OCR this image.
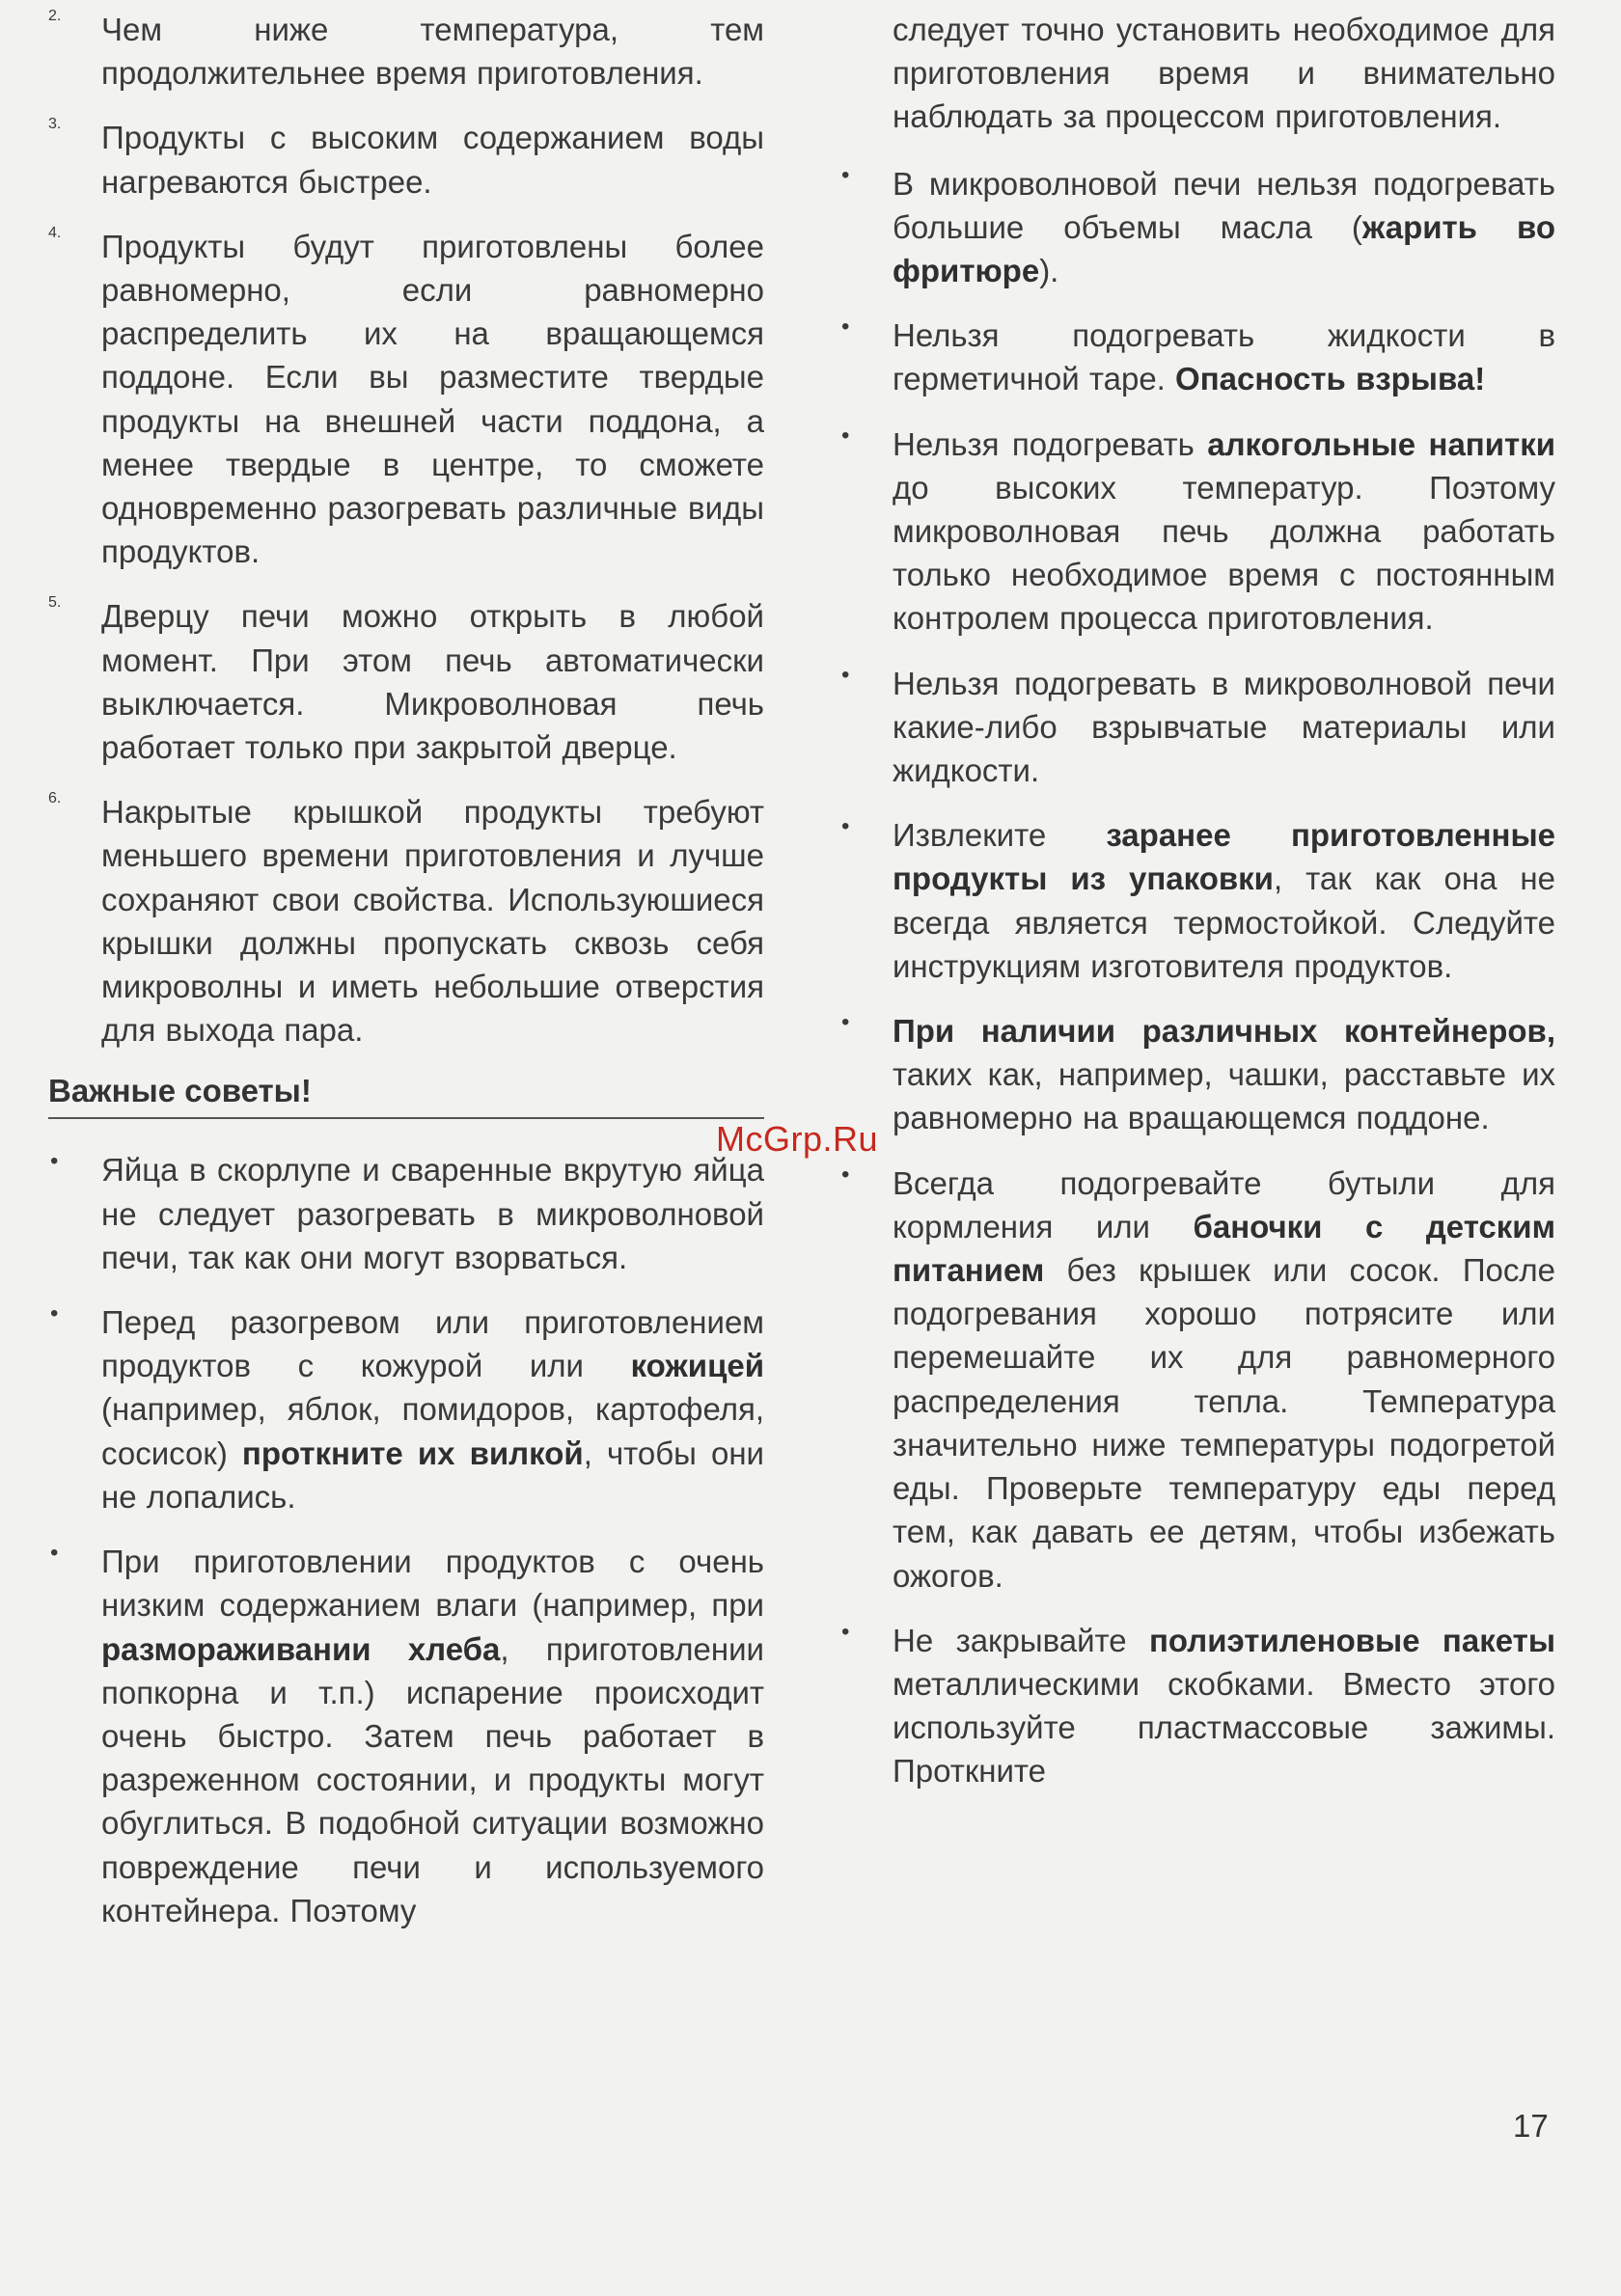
2. Чем ниже температура, тем продолжительнее время приготовления.

3. Продукты с высоким содержанием воды нагреваются быстрее.

4. Продукты будут приготовлены более равномерно, если равномерно распределить их на вращающемся поддоне. Если вы разместите твердые продукты на внешней части поддона, а менее твердые в центре, то сможете одновременно разогревать различные виды продуктов.

5. Дверцу печи можно открыть в любой момент. При этом печь автоматически выключается. Микроволновая печь работает только при закрытой дверце.

6. Накрытые крышкой продукты требуют меньшего времени приготовления и лучше сохраняют свои свойства. Используюшиеся крышки должны пропускать сквозь себя микроволны и иметь небольшие отверстия для выхода пара.

Важные советы!
• Яйца в скорлупе и сваренные вкрутую яйца не следует разогревать в микроволновой печи, так как они могут взорваться.

• Перед разогревом или приготовлением продуктов с кожурой или кожицей (например, яблок, помидоров, картофеля, сосисок) проткните их вилкой, чтобы они не лопались.

• При приготовлении продуктов с очень низким содержанием влаги (например, при размораживании хлеба, приготовлении попкорна и т.п.) испарение происходит очень быстро. Затем печь работает в разреженном состоянии, и продукты могут обуглиться. В подобной ситуации возможно повреждение печи и используемого контейнера. Поэтому

следует точно установить необходимое для приготовления время и внимательно наблюдать за процессом приготовления.

• В микроволновой печи нельзя подогревать большие объемы масла (жарить во фритюре).

• Нельзя подогревать жидкости в герметичной таре. Опасность взрыва!

• Нельзя подогревать алкогольные напитки до высоких температур. Поэтому микроволновая печь должна работать только необходимое время с постоянным контролем процесса приготовления.

• Нельзя подогревать в микроволновой печи какие-либо взрывчатые материалы или жидкости.

• Извлеките заранее приготовленные продукты из упаковки, так как она не всегда является термостойкой. Следуйте инструкциям изготовителя продуктов.

• При наличии различных контейнеров, таких как, например, чашки, расставьте их равномерно на вращающемся поддоне.

• Всегда подогревайте бутыли для кормления или баночки с детским питанием без крышек или сосок. После подогревания хорошо потрясите или перемешайте их для равномерного распределения тепла. Температура значительно ниже температуры подогретой еды. Проверьте температуру еды перед тем, как давать ее детям, чтобы избежать ожогов.

• Не закрывайте полиэтиленовые пакеты металлическими скобками. Вместо этого используйте пластмассовые зажимы. Проткните

McGrp.Ru
17
